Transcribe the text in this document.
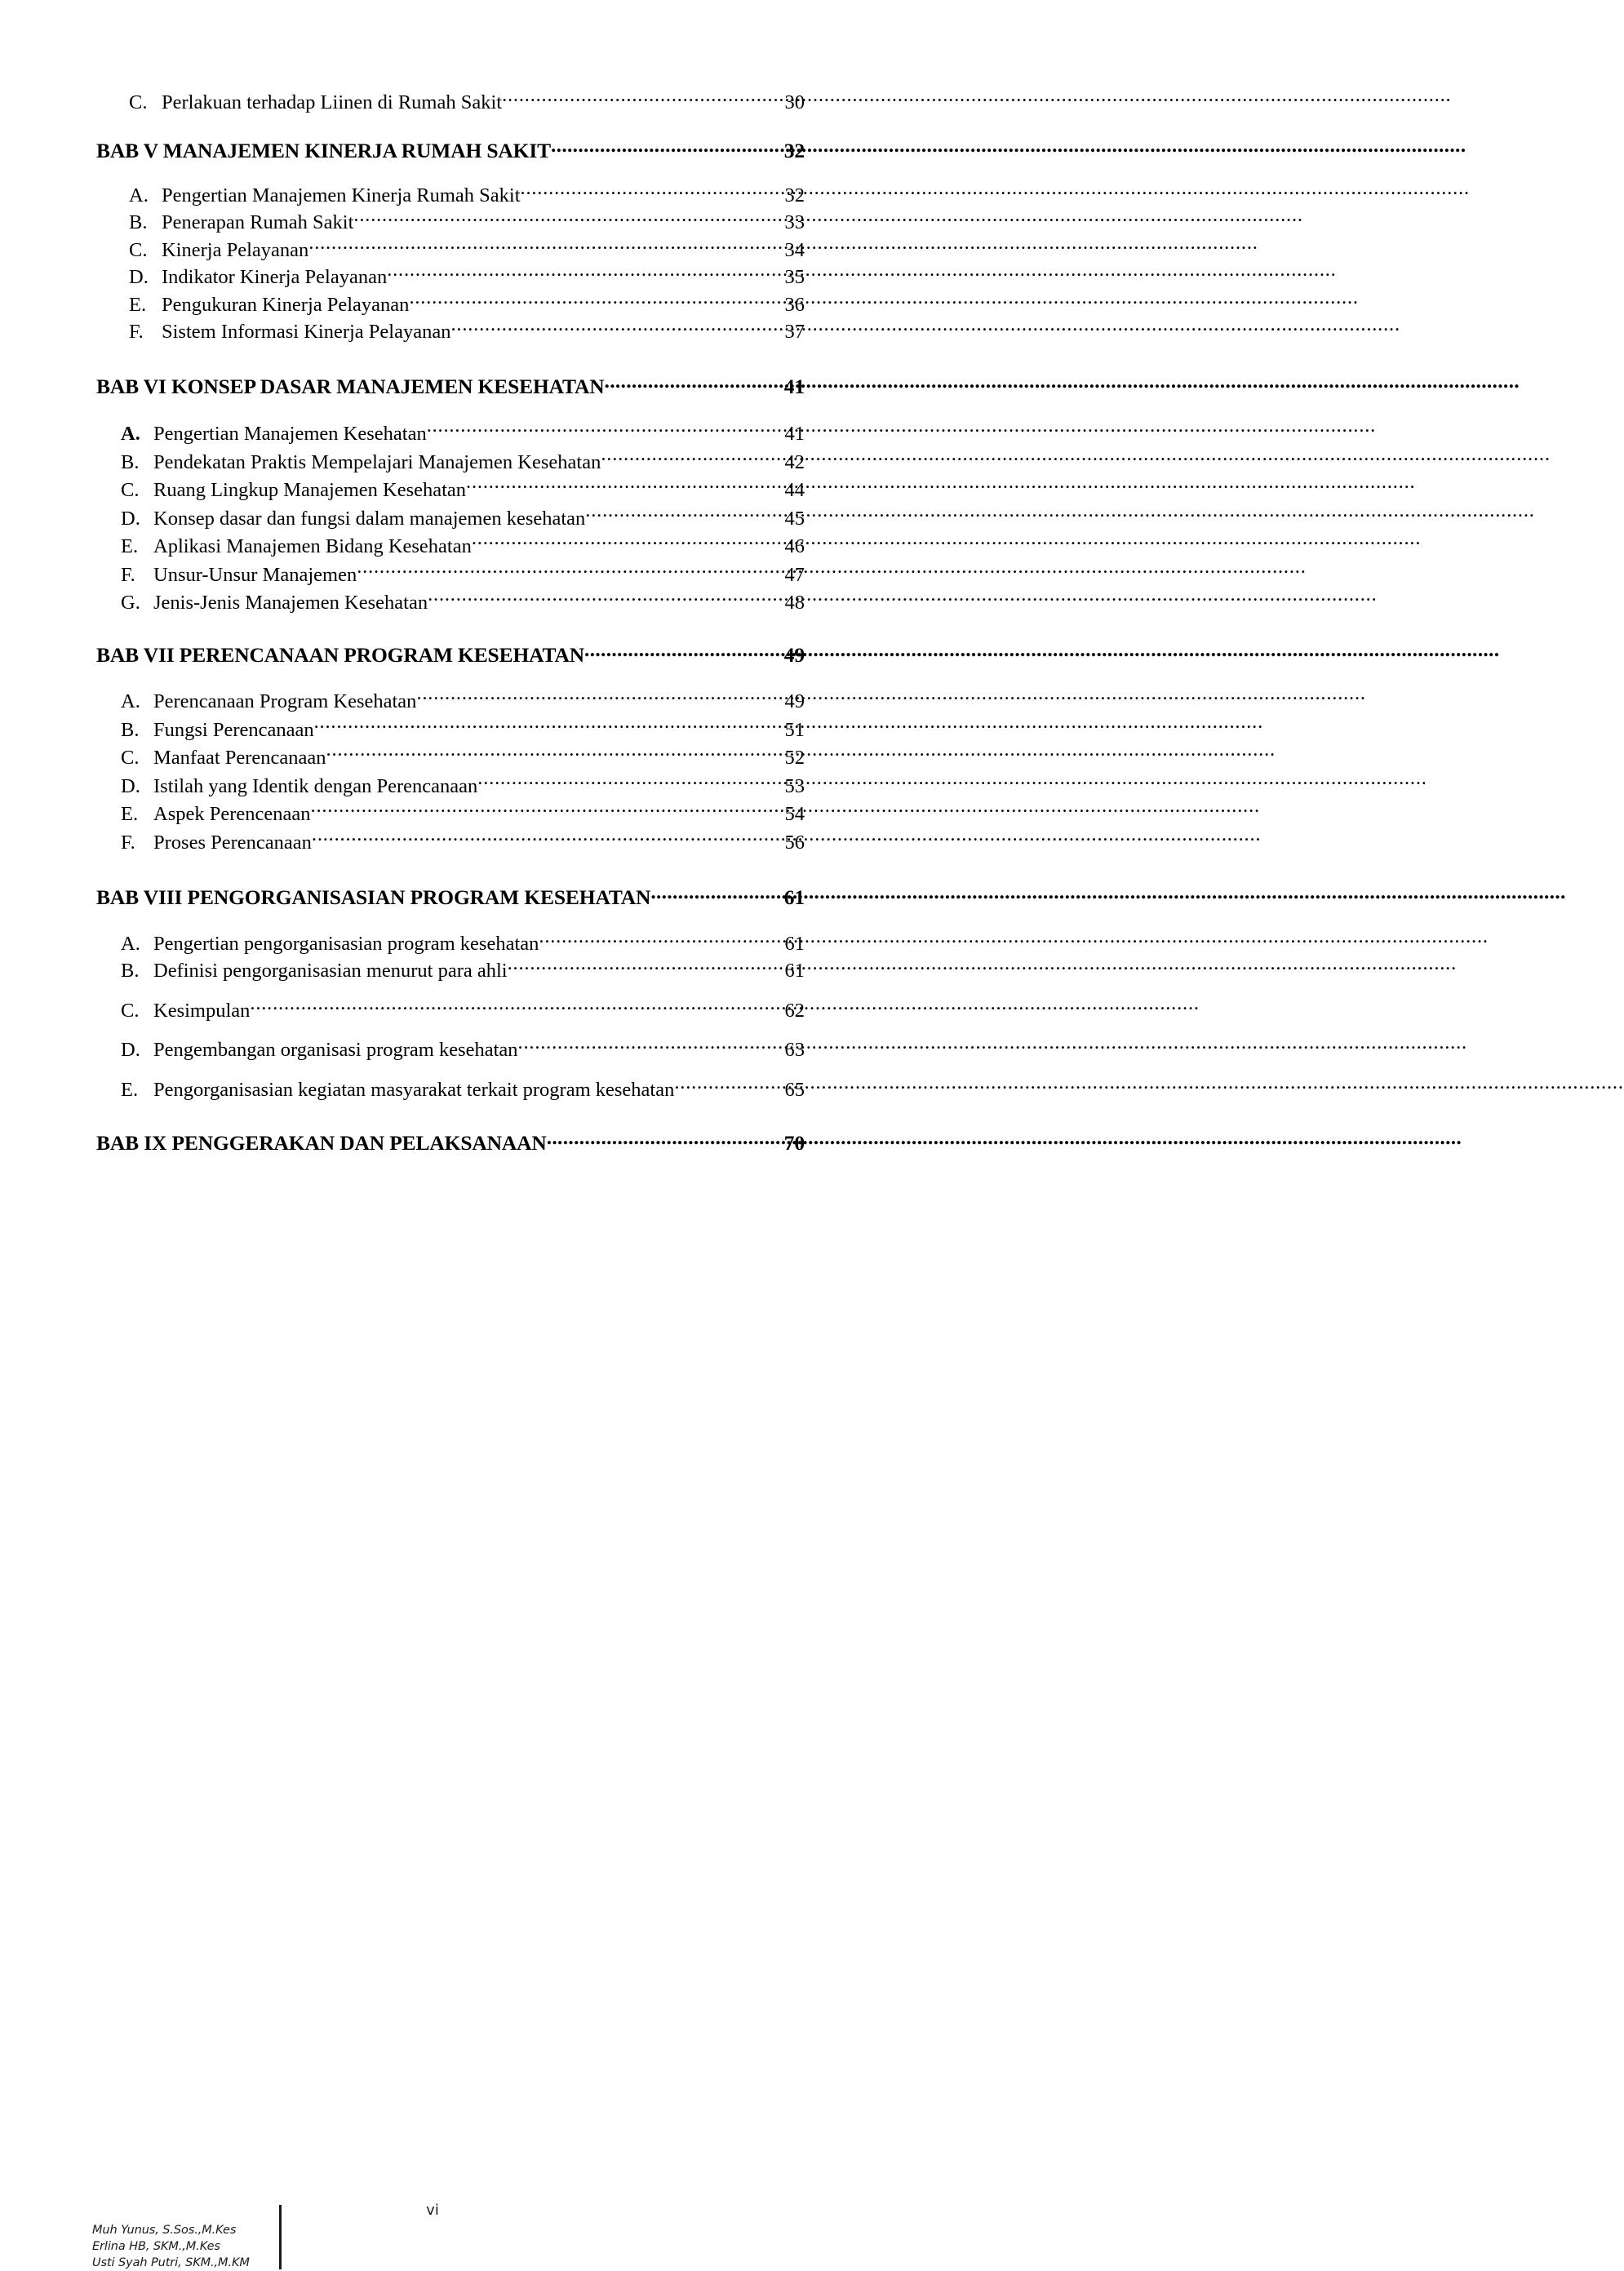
C. Perlakuan terhadap Liinen di Rumah Sakit .....	30
BAB V MANAJEMEN KINERJA RUMAH SAKIT .....	32
A. Pengertian Manajemen Kinerja Rumah Sakit .....	32
B. Penerapan Rumah Sakit .....	33
C. Kinerja Pelayanan .....	34
D. Indikator Kinerja Pelayanan .....	35
E. Pengukuran Kinerja Pelayanan .....	36
F. Sistem Informasi Kinerja Pelayanan .....	37
BAB VI KONSEP DASAR MANAJEMEN KESEHATAN .....	41
A. Pengertian Manajemen Kesehatan .....	41
B. Pendekatan Praktis Mempelajari Manajemen Kesehatan .....	42
C. Ruang Lingkup Manajemen Kesehatan .....	44
D. Konsep dasar dan fungsi dalam manajemen kesehatan .....	45
E. Aplikasi Manajemen Bidang Kesehatan .....	46
F. Unsur-Unsur Manajemen .....	47
G. Jenis-Jenis Manajemen Kesehatan .....	48
BAB VII PERENCANAAN PROGRAM KESEHATAN .....	49
A. Perencanaan Program Kesehatan .....	49
B. Fungsi Perencanaan .....	51
C. Manfaat Perencanaan .....	52
D. Istilah yang Identik dengan Perencanaan .....	53
E. Aspek Perencenaan .....	54
F. Proses Perencanaan .....	56
BAB VIII PENGORGANISASIAN PROGRAM KESEHATAN .....	61
A. Pengertian pengorganisasian program kesehatan .....	61
B. Definisi pengorganisasian menurut para ahli .....	61
C. Kesimpulan .....	62
D. Pengembangan organisasi program kesehatan .....	63
E. Pengorganisasian kegiatan masyarakat terkait program kesehatan .....	65
BAB IX PENGGERAKAN DAN PELAKSANAAN .....	70
Muh Yunus, S.Sos.,M.Kes
Erlina HB, SKM.,M.Kes
Usti Syah Putri, SKM.,M.KM
vi
